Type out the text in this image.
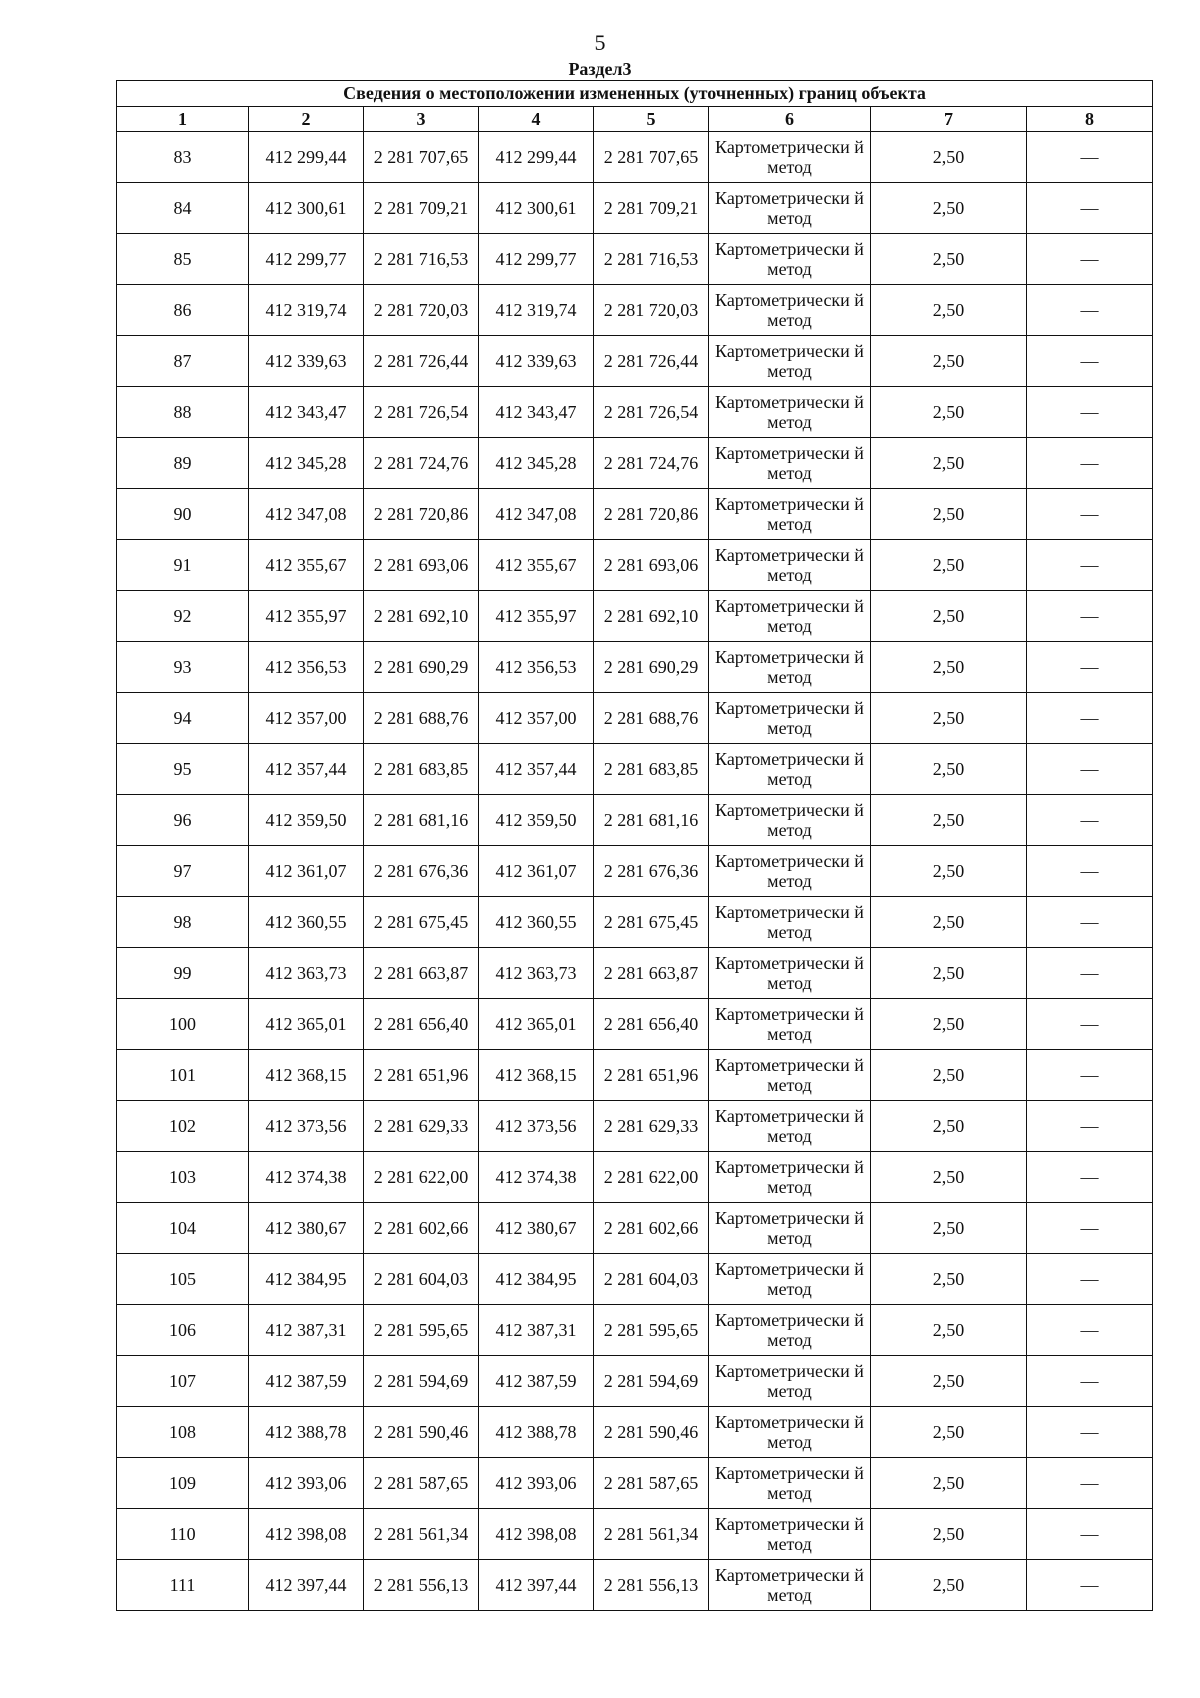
5
Раздел3
Сведения о местоположении измененных (уточненных) границ объекта							
1	2	3	4	5	6	7	8
83	412 299,44	2 281 707,65	412 299,44	2 281 707,65	Картометрически й метод	2,50	—
84	412 300,61	2 281 709,21	412 300,61	2 281 709,21	Картометрически й метод	2,50	—
85	412 299,77	2 281 716,53	412 299,77	2 281 716,53	Картометрически й метод	2,50	—
86	412 319,74	2 281 720,03	412 319,74	2 281 720,03	Картометрически й метод	2,50	—
87	412 339,63	2 281 726,44	412 339,63	2 281 726,44	Картометрически й метод	2,50	—
88	412 343,47	2 281 726,54	412 343,47	2 281 726,54	Картометрически й метод	2,50	—
89	412 345,28	2 281 724,76	412 345,28	2 281 724,76	Картометрически й метод	2,50	—
90	412 347,08	2 281 720,86	412 347,08	2 281 720,86	Картометрически й метод	2,50	—
91	412 355,67	2 281 693,06	412 355,67	2 281 693,06	Картометрически й метод	2,50	—
92	412 355,97	2 281 692,10	412 355,97	2 281 692,10	Картометрически й метод	2,50	—
93	412 356,53	2 281 690,29	412 356,53	2 281 690,29	Картометрически й метод	2,50	—
94	412 357,00	2 281 688,76	412 357,00	2 281 688,76	Картометрически й метод	2,50	—
95	412 357,44	2 281 683,85	412 357,44	2 281 683,85	Картометрически й метод	2,50	—
96	412 359,50	2 281 681,16	412 359,50	2 281 681,16	Картометрически й метод	2,50	—
97	412 361,07	2 281 676,36	412 361,07	2 281 676,36	Картометрически й метод	2,50	—
98	412 360,55	2 281 675,45	412 360,55	2 281 675,45	Картометрически й метод	2,50	—
99	412 363,73	2 281 663,87	412 363,73	2 281 663,87	Картометрически й метод	2,50	—
100	412 365,01	2 281 656,40	412 365,01	2 281 656,40	Картометрически й метод	2,50	—
101	412 368,15	2 281 651,96	412 368,15	2 281 651,96	Картометрически й метод	2,50	—
102	412 373,56	2 281 629,33	412 373,56	2 281 629,33	Картометрически й метод	2,50	—
103	412 374,38	2 281 622,00	412 374,38	2 281 622,00	Картометрически й метод	2,50	—
104	412 380,67	2 281 602,66	412 380,67	2 281 602,66	Картометрически й метод	2,50	—
105	412 384,95	2 281 604,03	412 384,95	2 281 604,03	Картометрически й метод	2,50	—
106	412 387,31	2 281 595,65	412 387,31	2 281 595,65	Картометрически й метод	2,50	—
107	412 387,59	2 281 594,69	412 387,59	2 281 594,69	Картометрически й метод	2,50	—
108	412 388,78	2 281 590,46	412 388,78	2 281 590,46	Картометрически й метод	2,50	—
109	412 393,06	2 281 587,65	412 393,06	2 281 587,65	Картометрически й метод	2,50	—
110	412 398,08	2 281 561,34	412 398,08	2 281 561,34	Картометрически й метод	2,50	—
111	412 397,44	2 281 556,13	412 397,44	2 281 556,13	Картометрически й метод	2,50	—
